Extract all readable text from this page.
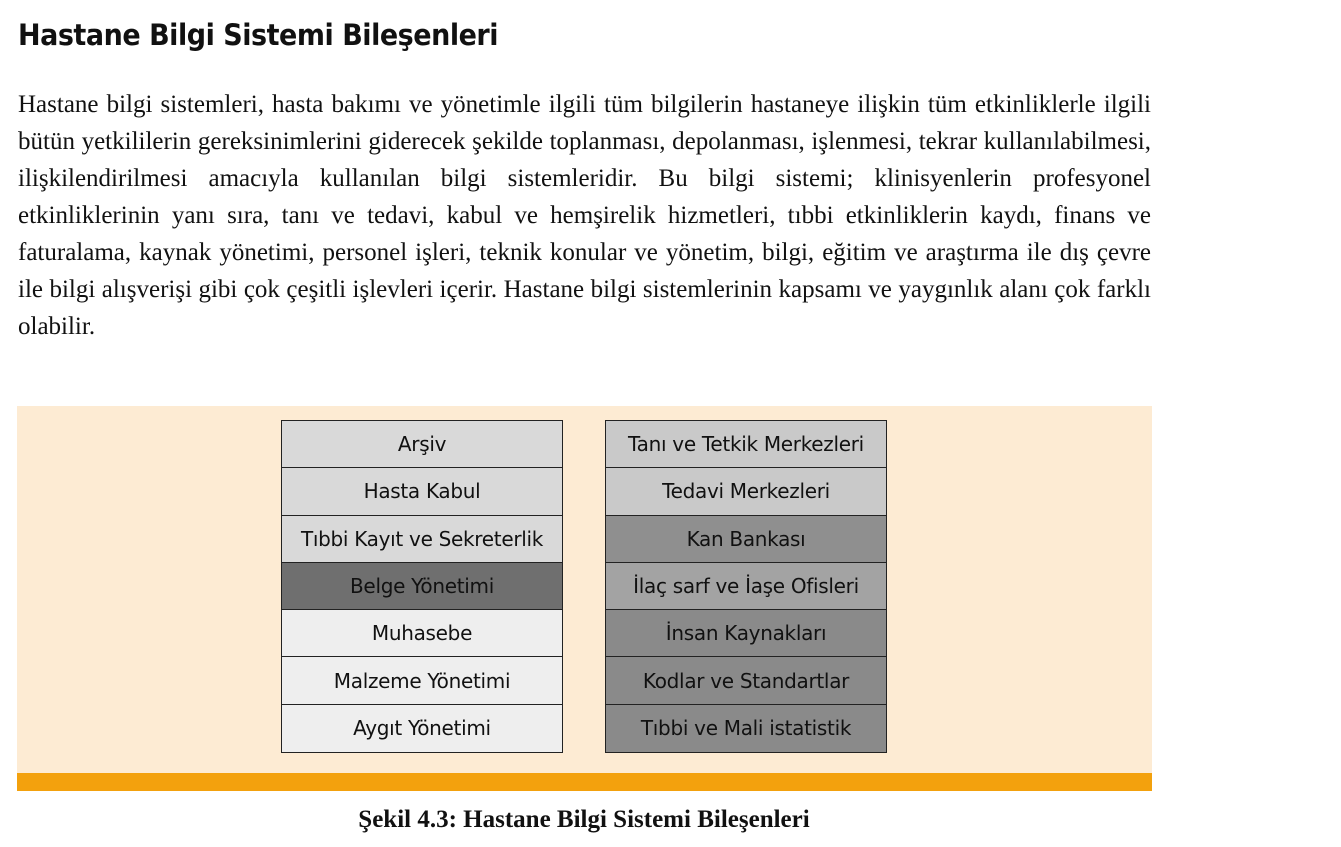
Hastane Bilgi Sistemi Bileşenleri

Hastane bilgi sistemleri, hasta bakımı ve yönetimle ilgili tüm bilgilerin hastaneye ilişkin tüm etkinliklerle ilgili bütün yetkililerin gereksinimlerini giderecek şekilde toplanması, depolanması, işlenmesi, tekrar kullanılabilmesi, ilişkilendirilmesi amacıyla kullanılan bilgi sistemleridir. Bu bilgi sistemi; klinisyenlerin profesyonel etkinliklerinin yanı sıra, tanı ve tedavi, kabul ve hemşirelik hizmetleri, tıbbi etkinliklerin kaydı, finans ve faturalama, kaynak yönetimi, personel işleri, teknik konular ve yönetim, bilgi, eğitim ve araştırma ile dış çevre ile bilgi alışverişi gibi çok çeşitli işlevleri içerir. Hastane bilgi sistemlerinin kapsamı ve yaygınlık alanı çok farklı olabilir.

Arşiv
Hasta Kabul
Tıbbi Kayıt ve Sekreterlik
Belge Yönetimi
Muhasebe
Malzeme Yönetimi
Aygıt Yönetimi
Tanı ve Tetkik Merkezleri
Tedavi Merkezleri
Kan Bankası
İlaç sarf ve İaşe Ofisleri
İnsan Kaynakları
Kodlar ve Standartlar
Tıbbi ve Mali istatistik

Şekil 4.3: Hastane Bilgi Sistemi Bileşenleri
